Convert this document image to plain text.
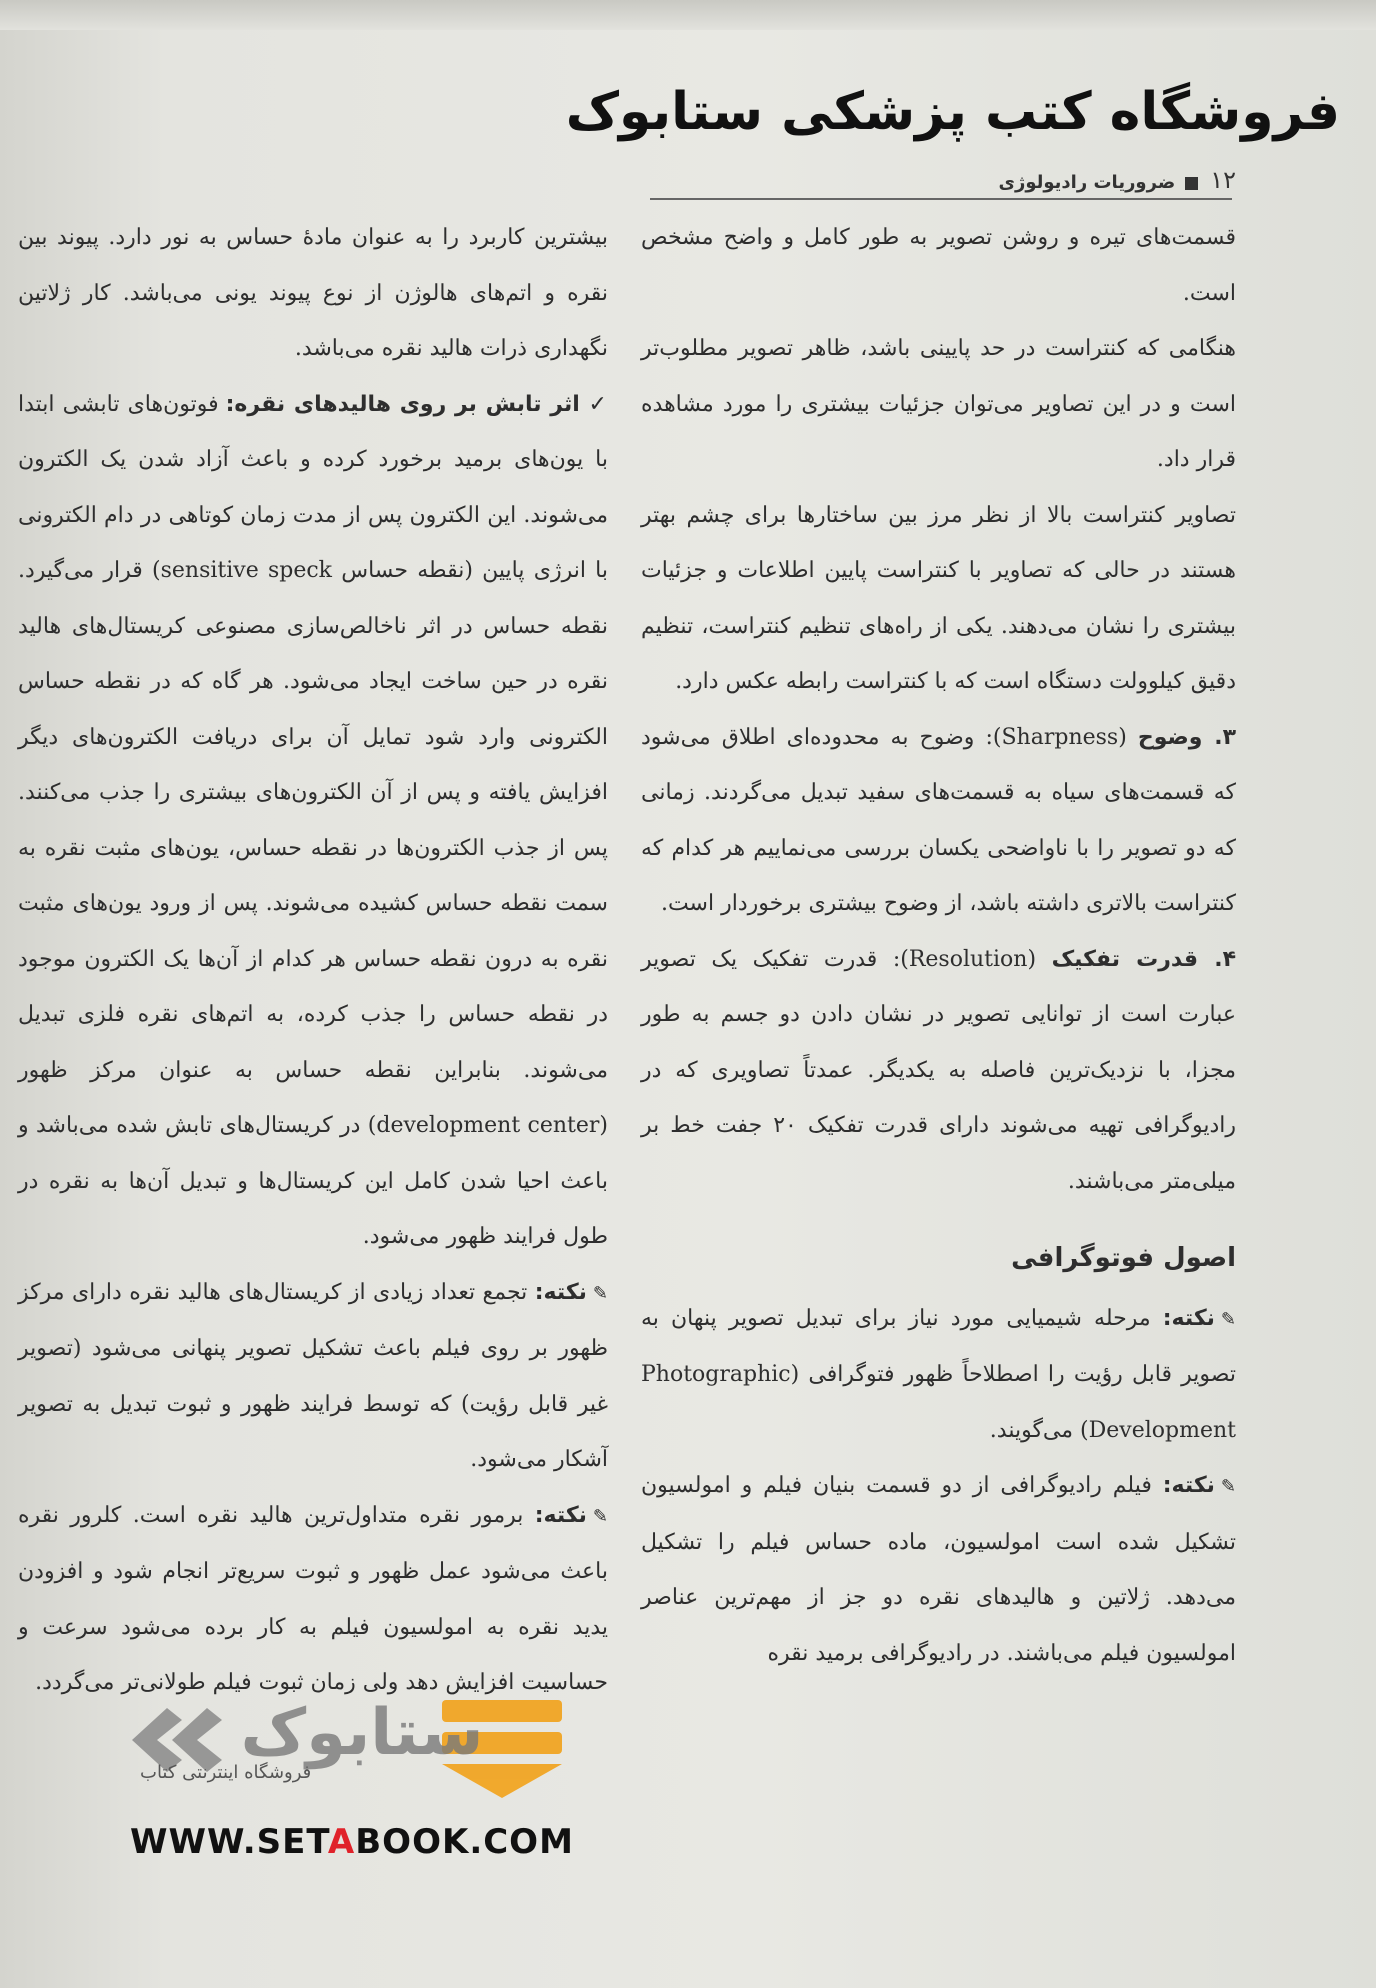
فروشگاه کتب پزشکی ستابوک
۱۲ضروریات رادیولوژی

قسمت‌های تیره و روشن تصویر به طور کامل و واضح مشخص است.

هنگامی که کنتراست در حد پایینی باشد، ظاهر تصویر مطلوب‌تر است و در این تصاویر می‌توان جزئیات بیشتری را مورد مشاهده قرار داد.

تصاویر کنتراست بالا از نظر مرز بین ساختارها برای چشم بهتر هستند در حالی که تصاویر با کنتراست پایین اطلاعات و جزئیات بیشتری را نشان می‌دهند. یکی از راه‌های تنظیم کنتراست، تنظیم دقیق کیلوولت دستگاه است که با کنتراست رابطه عکس دارد.

۳. وضوح (Sharpness): وضوح به محدوده‌ای اطلاق می‌شود که قسمت‌های سیاه به قسمت‌های سفید تبدیل می‌گردند. زمانی که دو تصویر را با ناواضحی یکسان بررسی می‌نماییم هر کدام که کنتراست بالاتری داشته باشد، از وضوح بیشتری برخوردار است.

۴. قدرت تفکیک (Resolution): قدرت تفکیک یک تصویر عبارت است از توانایی تصویر در نشان دادن دو جسم به طور مجزا، با نزدیک‌ترین فاصله به یکدیگر. عمدتاً تصاویری که در رادیوگرافی تهیه می‌شوند دارای قدرت تفکیک ۲۰ جفت خط بر میلی‌متر می‌باشند.

اصول فوتوگرافی

✎نکته: مرحله شیمیایی مورد نیاز برای تبدیل تصویر پنهان به تصویر قابل رؤیت را اصطلاحاً ظهور فتوگرافی (Photographic Development) می‌گویند.

✎نکته: فیلم رادیوگرافی از دو قسمت بنیان فیلم و امولسیون تشکیل شده است امولسیون، ماده حساس فیلم را تشکیل می‌دهد. ژلاتین و هالیدهای نقره دو جز از مهم‌ترین عناصر امولسیون فیلم می‌باشند. در رادیوگرافی برمید نقره

بیشترین کاربرد را به عنوان مادهٔ حساس به نور دارد. پیوند بین نقره و اتم‌های هالوژن از نوع پیوند یونی می‌باشد. کار ژلاتین نگهداری ذرات هالید نقره می‌باشد.

✓ اثر تابش بر روی هالیدهای نقره: فوتون‌های تابشی ابتدا با یون‌های برمید برخورد کرده و باعث آزاد شدن یک الکترون می‌شوند. این الکترون پس از مدت زمان کوتاهی در دام الکترونی با انرژی پایین (نقطه حساس sensitive speck) قرار می‌گیرد. نقطه حساس در اثر ناخالص‌سازی مصنوعی کریستال‌های هالید نقره در حین ساخت ایجاد می‌شود. هر گاه که در نقطه حساس الکترونی وارد شود تمایل آن برای دریافت الکترون‌های دیگر افزایش یافته و پس از آن الکترون‌های بیشتری را جذب می‌کنند. پس از جذب الکترون‌ها در نقطه حساس، یون‌های مثبت نقره به سمت نقطه حساس کشیده می‌شوند. پس از ورود یون‌های مثبت نقره به درون نقطه حساس هر کدام از آن‌ها یک الکترون موجود در نقطه حساس را جذب کرده، به اتم‌های نقره فلزی تبدیل می‌شوند. بنابراین نقطه حساس به عنوان مرکز ظهور (development center) در کریستال‌های تابش شده می‌باشد و باعث احیا شدن کامل این کریستال‌ها و تبدیل آن‌ها به نقره در طول فرایند ظهور می‌شود.

✎نکته: تجمع تعداد زیادی از کریستال‌های هالید نقره دارای مرکز ظهور بر روی فیلم باعث تشکیل تصویر پنهانی می‌شود (تصویر غیر قابل رؤیت) که توسط فرایند ظهور و ثبوت تبدیل به تصویر آشکار می‌شود.

✎نکته: برمور نقره متداول‌ترین هالید نقره است. کلرور نقره باعث می‌شود عمل ظهور و ثبوت سریع‌تر انجام شود و افزودن یدید نقره به امولسیون فیلم به کار برده می‌شود سرعت و حساسیت افزایش دهد ولی زمان ثبوت فیلم طولانی‌تر می‌گردد.

ستابوک
فروشگاه اینترنتی کتاب
WWW.SETABOOK.COM
